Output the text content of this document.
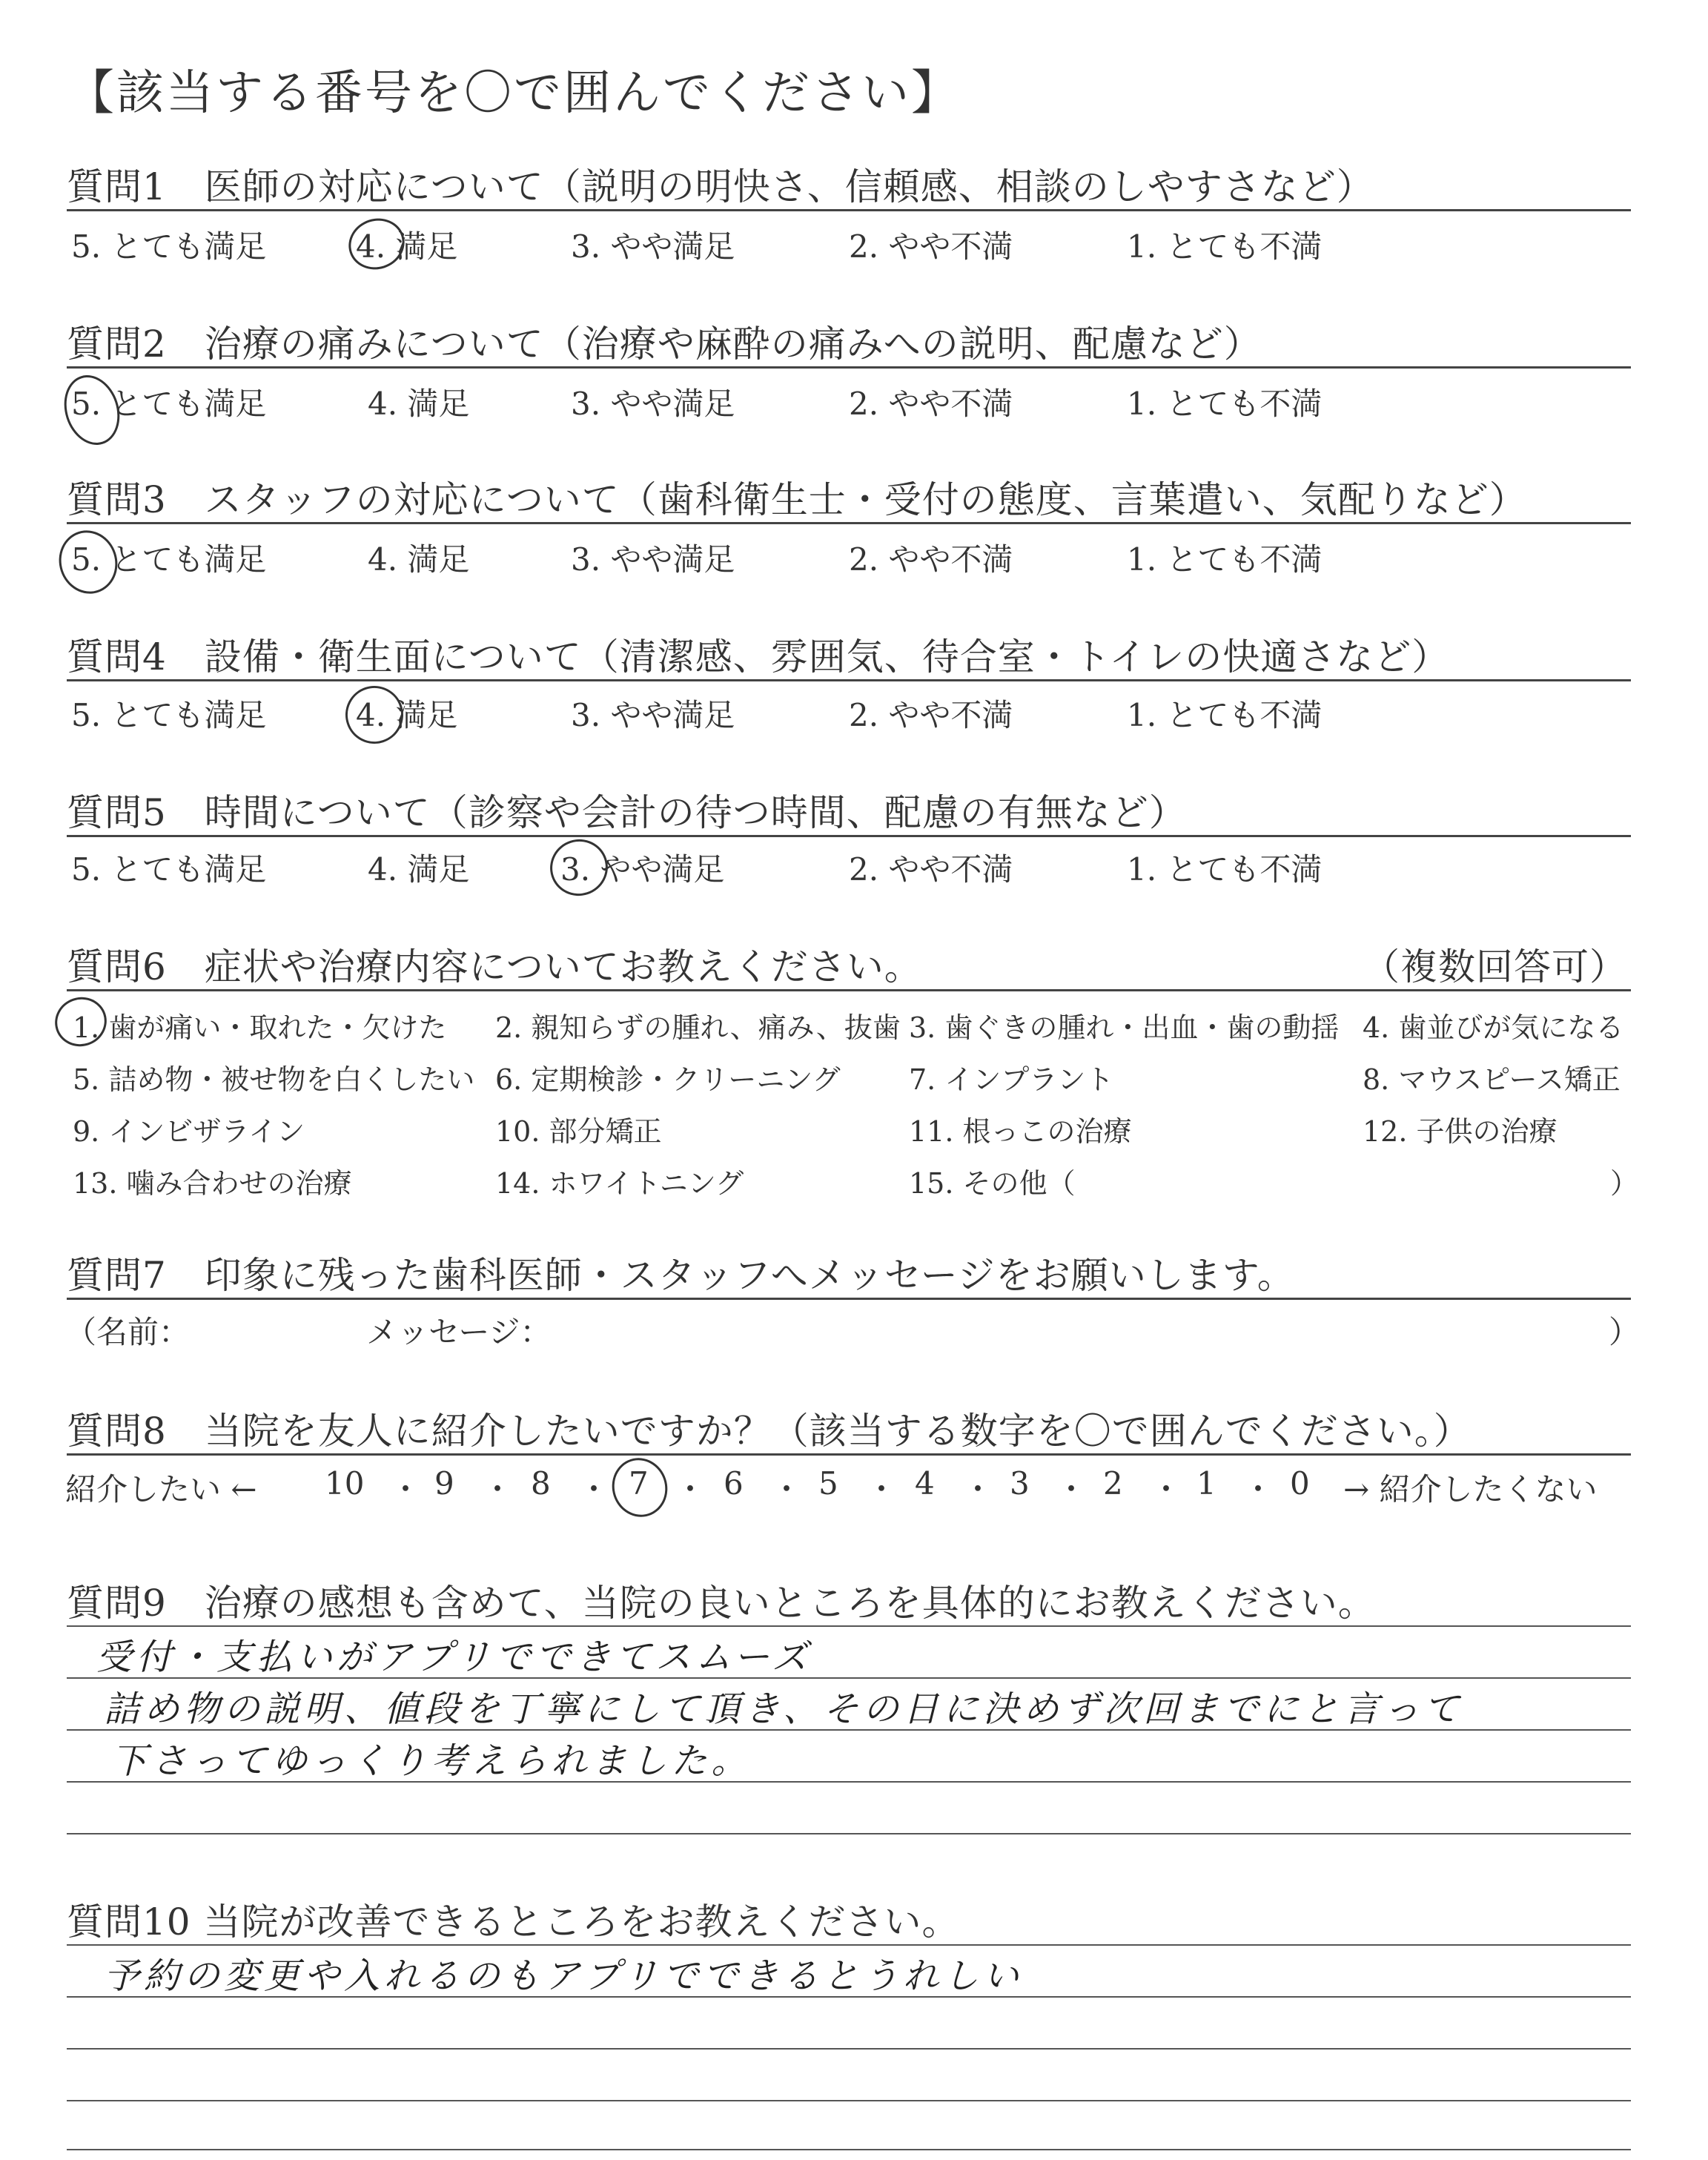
【該当する番号を〇で囲んでください】
質問1　医師の対応について（説明の明快さ、信頼感、相談のしやすさなど）
5. とても満足	4. 満足	3. やや満足	2. やや不満	1. とても不満
質問2　治療の痛みについて（治療や麻酔の痛みへの説明、配慮など）
5. とても満足	4. 満足	3. やや満足	2. やや不満	1. とても不満
質問3　スタッフの対応について（歯科衛生士・受付の態度、言葉遣い、気配りなど）
5. とても満足	4. 満足	3. やや満足	2. やや不満	1. とても不満
質問4　設備・衛生面について（清潔感、雰囲気、待合室・トイレの快適さなど）
5. とても満足	4. 満足	3. やや満足	2. やや不満	1. とても不満
質問5　時間について（診察や会計の待つ時間、配慮の有無など）
5. とても満足	4. 満足	3. やや満足	2. やや不満	1. とても不満
質問6　症状や治療内容についてお教えください。	（複数回答可）
1. 歯が痛い・取れた・欠けた 2. 親知らずの腫れ、痛み、抜歯 3. 歯ぐきの腫れ・出血・歯の動揺 4. 歯並びが気になる
5. 詰め物・被せ物を白くしたい 6. 定期検診・クリーニング 7. インプラント	8. マウスピース矯正
9. インビザライン	10. 部分矯正	11. 根っこの治療	12. 子供の治療
13. 噛み合わせの治療	14. ホワイトニング	15. その他（	）
質問7　印象に残った歯科医師・スタッフへメッセージをお願いします。
（名前：	メッセージ：	）
質問8　当院を友人に紹介したいですか？（該当する数字を〇で囲んでください。）
紹介したい ← 10 ・ 9 ・ 8 ・ 7 ・ 6 ・ 5 ・ 4 ・ 3 ・ 2 ・ 1 ・ 0 → 紹介したくない
質問9　治療の感想も含めて、当院の良いところを具体的にお教えください。
受付・支払いがアプリでできてスムーズ
詰め物の説明、値段を丁寧にして頂き、その日に決めず次回までにと言って
下さってゆっくり考えられました。
質問10 当院が改善できるところをお教えください。
予約の変更や入れるのもアプリでできるとうれしい
